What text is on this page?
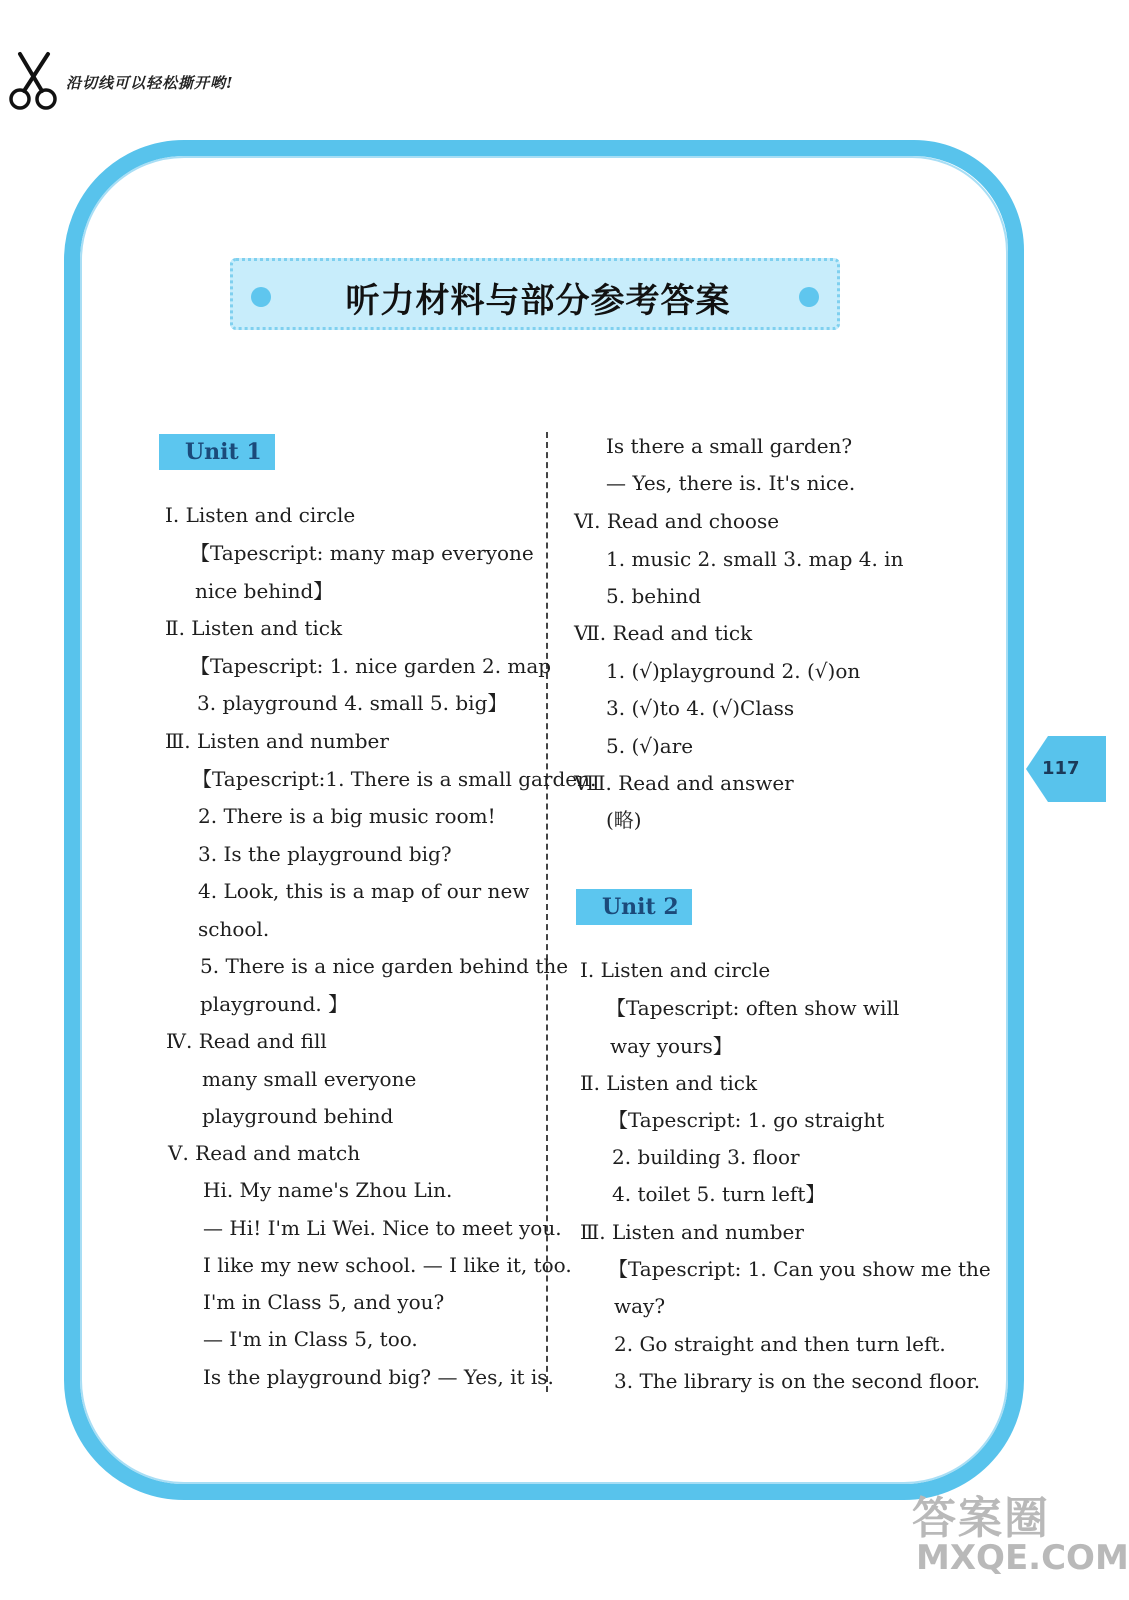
沿切线可以轻松撕开哟!
听力材料与部分参考答案
Unit 1
Unit 2
Ⅰ. Listen and circle
【Tapescript: many map everyone
nice behind】
Ⅱ. Listen and tick
【Tapescript: 1. nice garden 2. map
3. playground 4. small 5. big】
Ⅲ. Listen and number
【Tapescript:1. There is a small garden.
2. There is a big music room!
3. Is the playground big?
4. Look, this is a map of our new
school.
5. There is a nice garden behind the
playground. 】
Ⅳ. Read and fill
many small everyone
playground behind
Ⅴ. Read and match
Hi. My name's Zhou Lin.
— Hi! I'm Li Wei. Nice to meet you.
I like my new school. — I like it, too.
I'm in Class 5, and you?
— I'm in Class 5, too.
Is the playground big? — Yes, it is.
Is there a small garden?
— Yes, there is. It's nice.
Ⅵ. Read and choose
1. music 2. small 3. map 4. in
5. behind
Ⅶ. Read and tick
1. (√)playground 2. (√)on
3. (√)to 4. (√)Class
5. (√)are
Ⅷ. Read and answer
(略)
Ⅰ. Listen and circle
【Tapescript: often show will
way yours】
Ⅱ. Listen and tick
【Tapescript: 1. go straight
2. building 3. floor
4. toilet 5. turn left】
Ⅲ. Listen and number
【Tapescript: 1. Can you show me the
way?
2. Go straight and then turn left.
3. The library is on the second floor.
117
答案圈
MXQE.COM
